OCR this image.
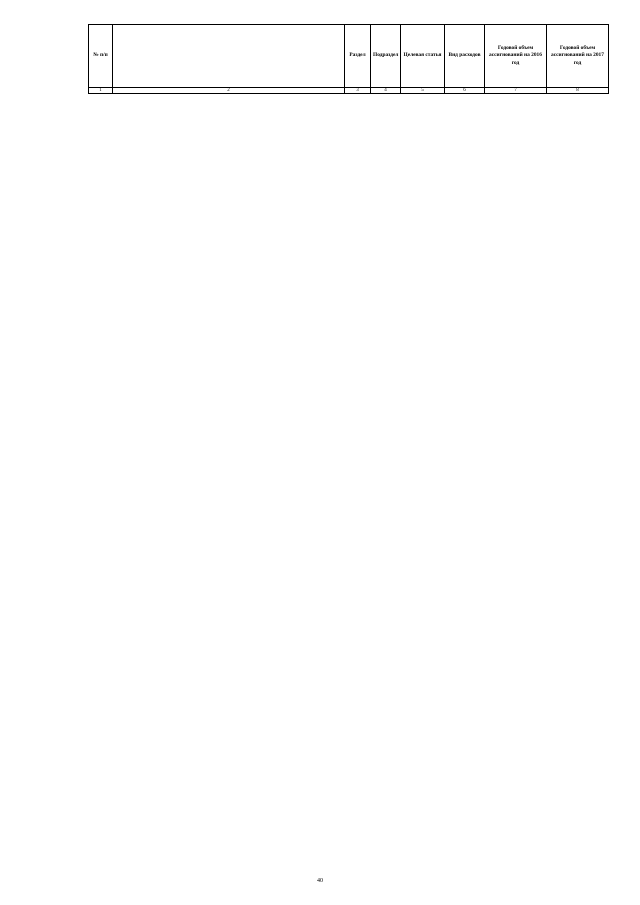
№ п/п		Раздел	Подраздел	Целевая статья	Вид расходов	Годовой объем ассигнований на 2016 год	Годовой объем ассигнований на 2017 год
1	2	3	4	5	6	7	8
40
